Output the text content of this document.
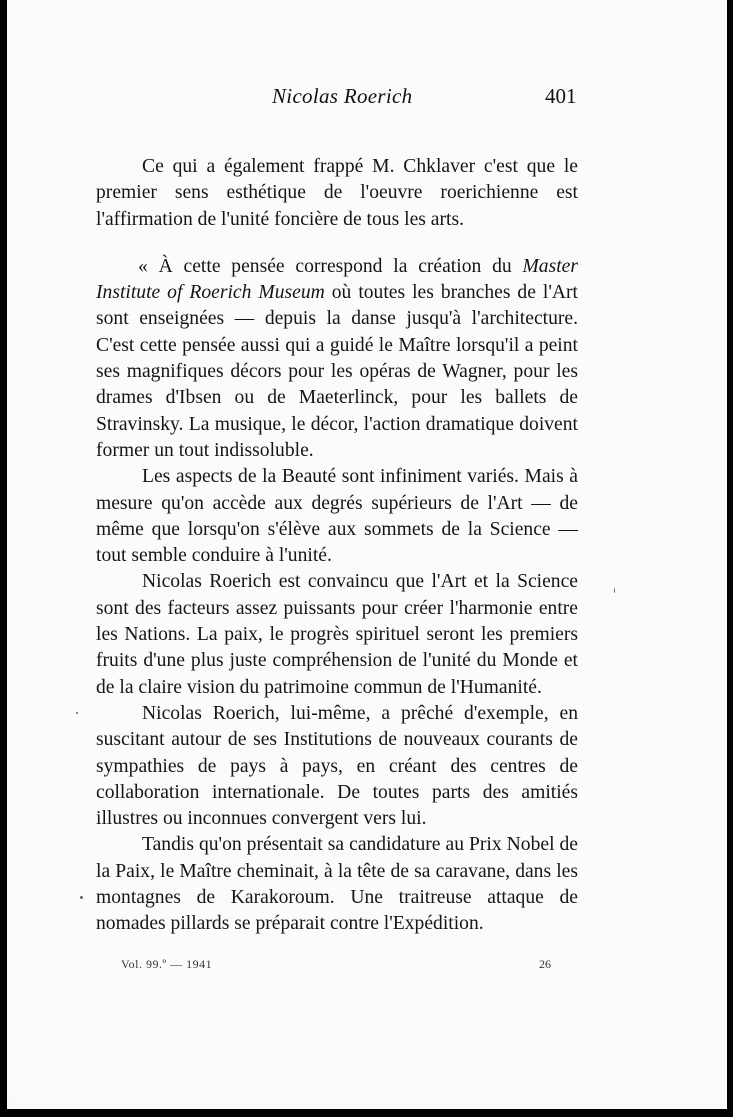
Nicolas Roerich	401

Ce qui a également frappé M. Chklaver c'est que le premier sens esthétique de l'oeuvre roerichienne est l'affirmation de l'unité foncière de tous les arts.

« À cette pensée correspond la création du Master Institute of Roerich Museum où toutes les branches de l'Art sont enseignées — depuis la danse jusqu'à l'architecture. C'est cette pensée aussi qui a guidé le Maître lorsqu'il a peint ses magnifiques décors pour les opéras de Wagner, pour les drames d'Ibsen ou de Maeterlinck, pour les ballets de Stravinsky. La musique, le décor, l'action dramatique doivent former un tout indissoluble.

Les aspects de la Beauté sont infiniment variés. Mais à mesure qu'on accède aux degrés supérieurs de l'Art — de même que lorsqu'on s'élève aux sommets de la Science — tout semble conduire à l'unité.

Nicolas Roerich est convaincu que l'Art et la Science sont des facteurs assez puissants pour créer l'harmonie entre les Nations. La paix, le progrès spirituel seront les premiers fruits d'une plus juste compréhension de l'unité du Monde et de la claire vision du patrimoine commun de l'Humanité.

Nicolas Roerich, lui-même, a prêché d'exemple, en suscitant autour de ses Institutions de nouveaux courants de sympathies de pays à pays, en créant des centres de collaboration internationale. De toutes parts des amitiés illustres ou inconnues convergent vers lui.

Tandis qu'on présentait sa candidature au Prix Nobel de la Paix, le Maître cheminait, à la tête de sa caravane, dans les montagnes de Karakoroum. Une traitreuse attaque de nomades pillards se préparait contre l'Expédition.

Vol. 99.º — 1941	26
